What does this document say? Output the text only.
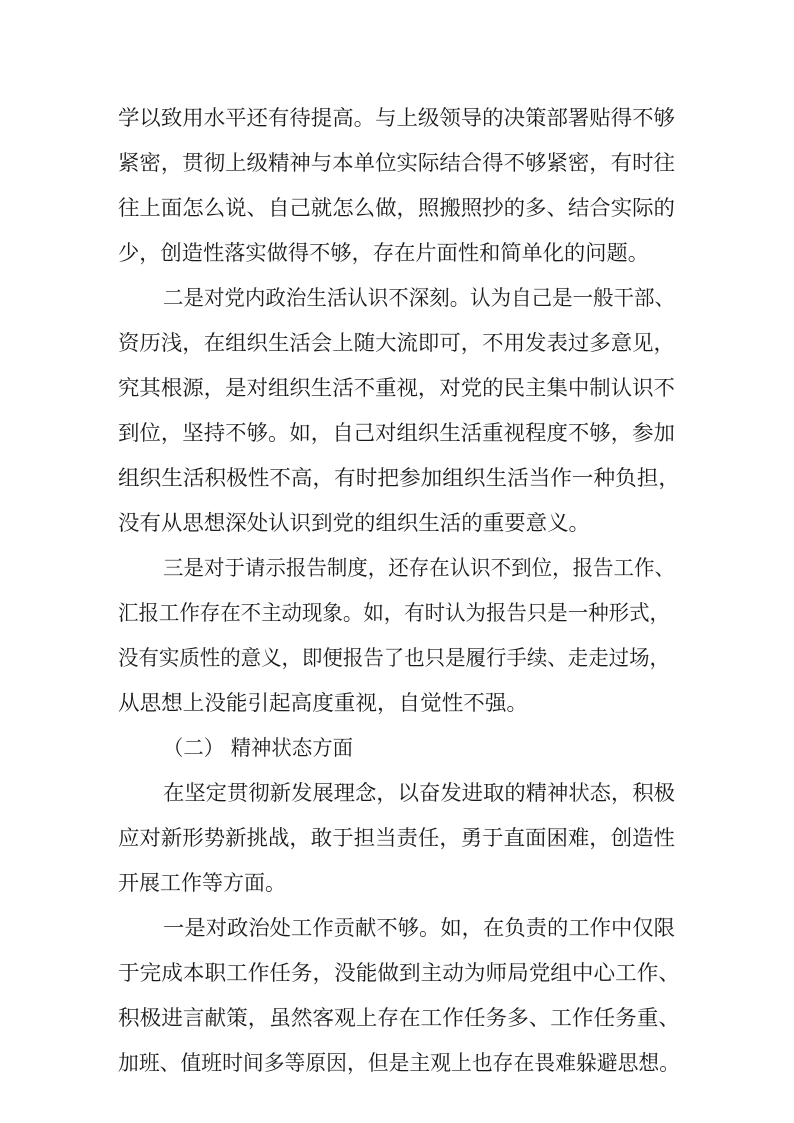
学以致用水平还有待提高。与上级领导的决策部署贴得不够
紧密，贯彻上级精神与本单位实际结合得不够紧密，有时往
往上面怎么说、自己就怎么做，照搬照抄的多、结合实际的
少，创造性落实做得不够，存在片面性和简单化的问题。
二是对党内政治生活认识不深刻。认为自己是一般干部、
资历浅，在组织生活会上随大流即可，不用发表过多意见，
究其根源，是对组织生活不重视，对党的民主集中制认识不
到位，坚持不够。如，自己对组织生活重视程度不够，参加
组织生活积极性不高，有时把参加组织生活当作一种负担，
没有从思想深处认识到党的组织生活的重要意义。
三是对于请示报告制度，还存在认识不到位，报告工作、
汇报工作存在不主动现象。如，有时认为报告只是一种形式，
没有实质性的意义，即便报告了也只是履行手续、走走过场，
从思想上没能引起高度重视，自觉性不强。
（二） 精神状态方面
在坚定贯彻新发展理念，以奋发进取的精神状态，积极
应对新形势新挑战，敢于担当责任，勇于直面困难，创造性
开展工作等方面。
一是对政治处工作贡献不够。如，在负责的工作中仅限
于完成本职工作任务，没能做到主动为师局党组中心工作、
积极进言献策，虽然客观上存在工作任务多、工作任务重、
加班、值班时间多等原因，但是主观上也存在畏难躲避思想。
